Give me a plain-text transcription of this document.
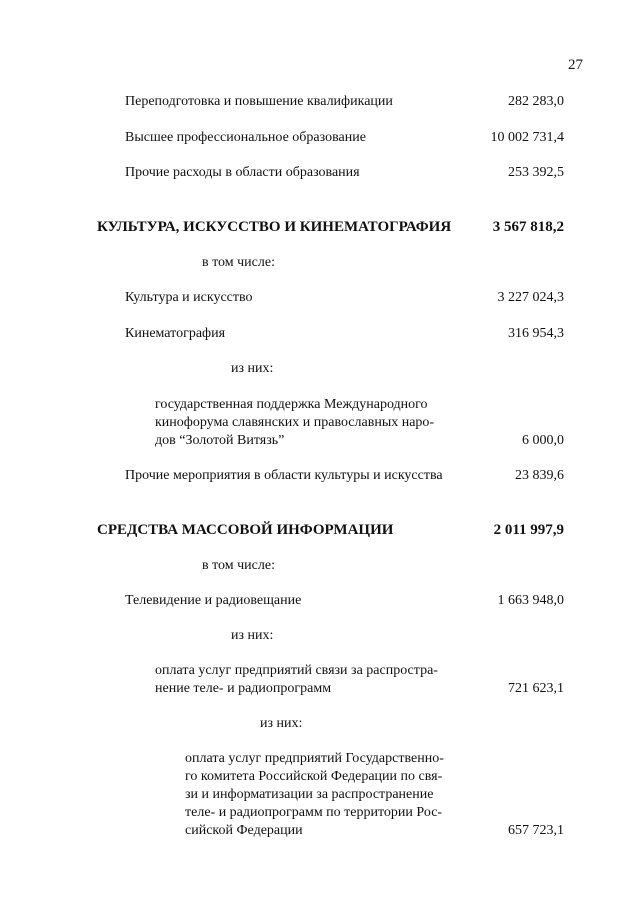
27
Переподготовка и повышение квалификации	282 283,0
Высшее профессиональное образование	10 002 731,4
Прочие расходы в области образования	253 392,5
КУЛЬТУРА, ИСКУССТВО И КИНЕМАТОГРАФИЯ	3 567 818,2
в том числе:
Культура и искусство	3 227 024,3
Кинематография	316 954,3
из них:
государственная поддержка Международного
кинофорума славянских и православных наро-
дов “Золотой Витязь”	6 000,0
Прочие мероприятия в области культуры и искусства	23 839,6
СРЕДСТВА МАССОВОЙ ИНФОРМАЦИИ	2 011 997,9
в том числе:
Телевидение и радиовещание	1 663 948,0
из них:
оплата услуг предприятий связи за распростра-
нение теле- и радиопрограмм	721 623,1
из них:
оплата услуг предприятий Государственно-
го комитета Российской Федерации по свя-
зи и информатизации за распространение
теле- и радиопрограмм по территории Рос-
сийской Федерации	657 723,1
